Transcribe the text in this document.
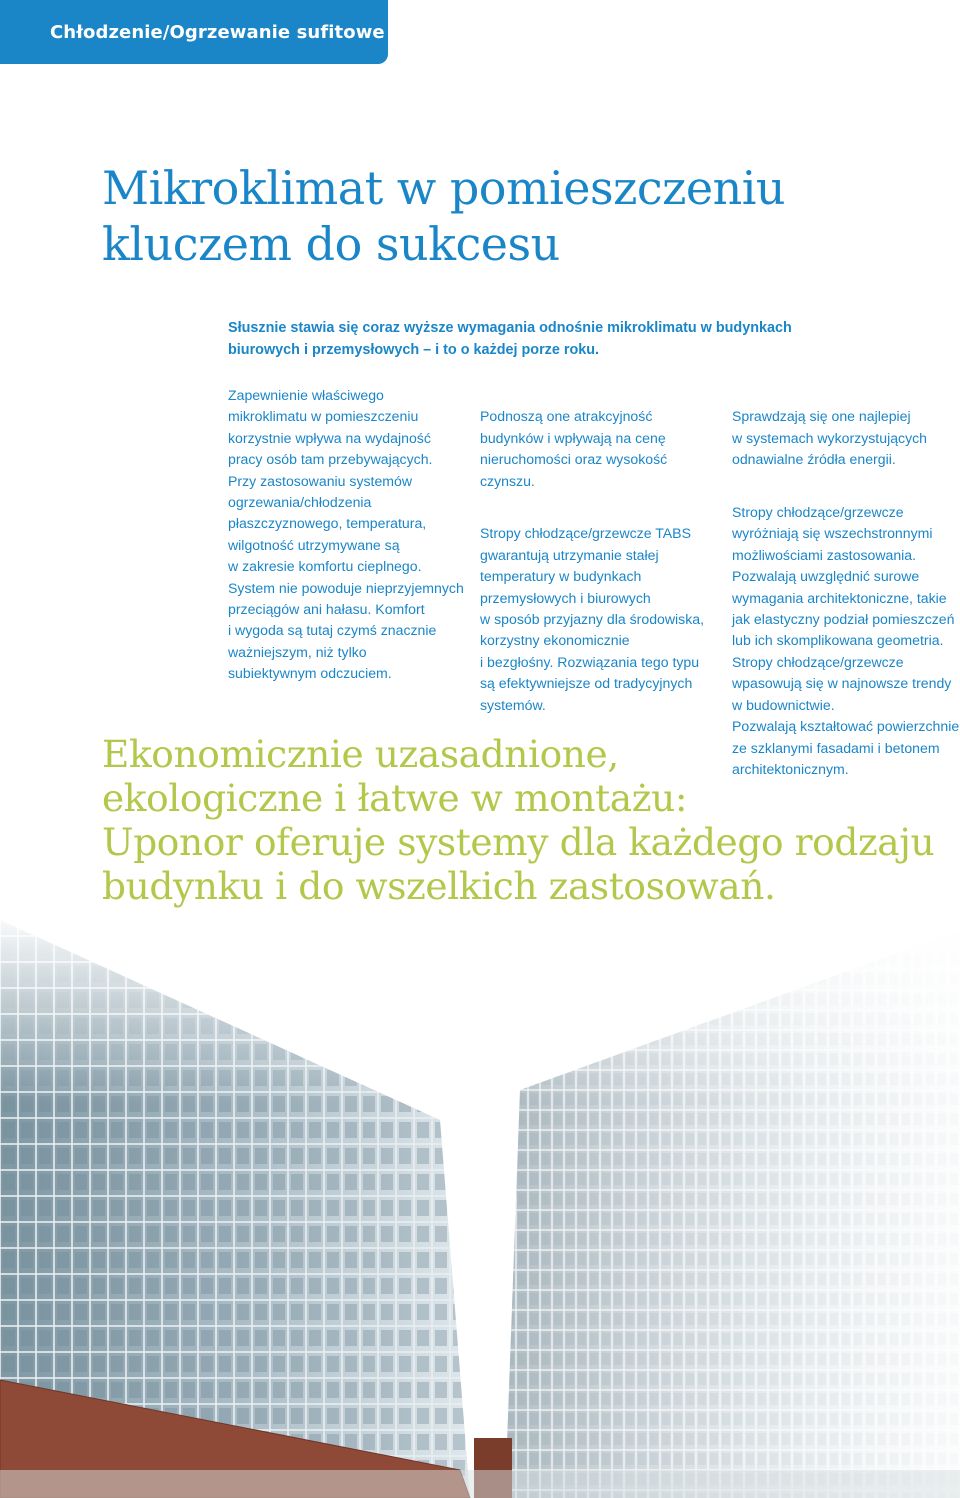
Chłodzenie/Ogrzewanie sufitowe
Mikroklimat w pomieszczeniu
kluczem do sukcesu

Słusznie stawia się coraz wyższe wymagania odnośnie mikroklimatu w budynkach biurowych i przemysłowych – i to o każdej porze roku.

Zapewnienie właściwego
mikroklimatu w pomieszczeniu
korzystnie wpływa na wydajność
pracy osób tam przebywających.
Przy zastosowaniu systemów
ogrzewania/chłodzenia
płaszczyznowego, temperatura,
wilgotność utrzymywane są
w zakresie komfortu cieplnego.
System nie powoduje nieprzyjemnych
przeciągów ani hałasu. Komfort
i wygoda są tutaj czymś znacznie
ważniejszym, niż tylko
subiektywnym odczuciem.

Podnoszą one atrakcyjność
budynków i wpływają na cenę
nieruchomości oraz wysokość
czynszu.

Stropy chłodzące/grzewcze TABS
gwarantują utrzymanie stałej
temperatury w budynkach
przemysłowych i biurowych
w sposób przyjazny dla środowiska,
korzystny ekonomicznie
i bezgłośny. Rozwiązania tego typu
są efektywniejsze od tradycyjnych
systemów.

Sprawdzają się one najlepiej
w systemach wykorzystujących
odnawialne źródła energii.

Stropy chłodzące/grzewcze
wyróżniają się wszechstronnymi
możliwościami zastosowania.
Pozwalają uwzględnić surowe
wymagania architektoniczne, takie
jak elastyczny podział pomieszczeń
lub ich skomplikowana geometria.
Stropy chłodzące/grzewcze
wpasowują się w najnowsze trendy
w budownictwie.
Pozwalają kształtować powierzchnie
ze szklanymi fasadami i betonem
architektonicznym.

Ekonomicznie uzasadnione,
ekologiczne i łatwe w montażu:
Uponor oferuje systemy dla każdego rodzaju
budynku i do wszelkich zastosowań.
